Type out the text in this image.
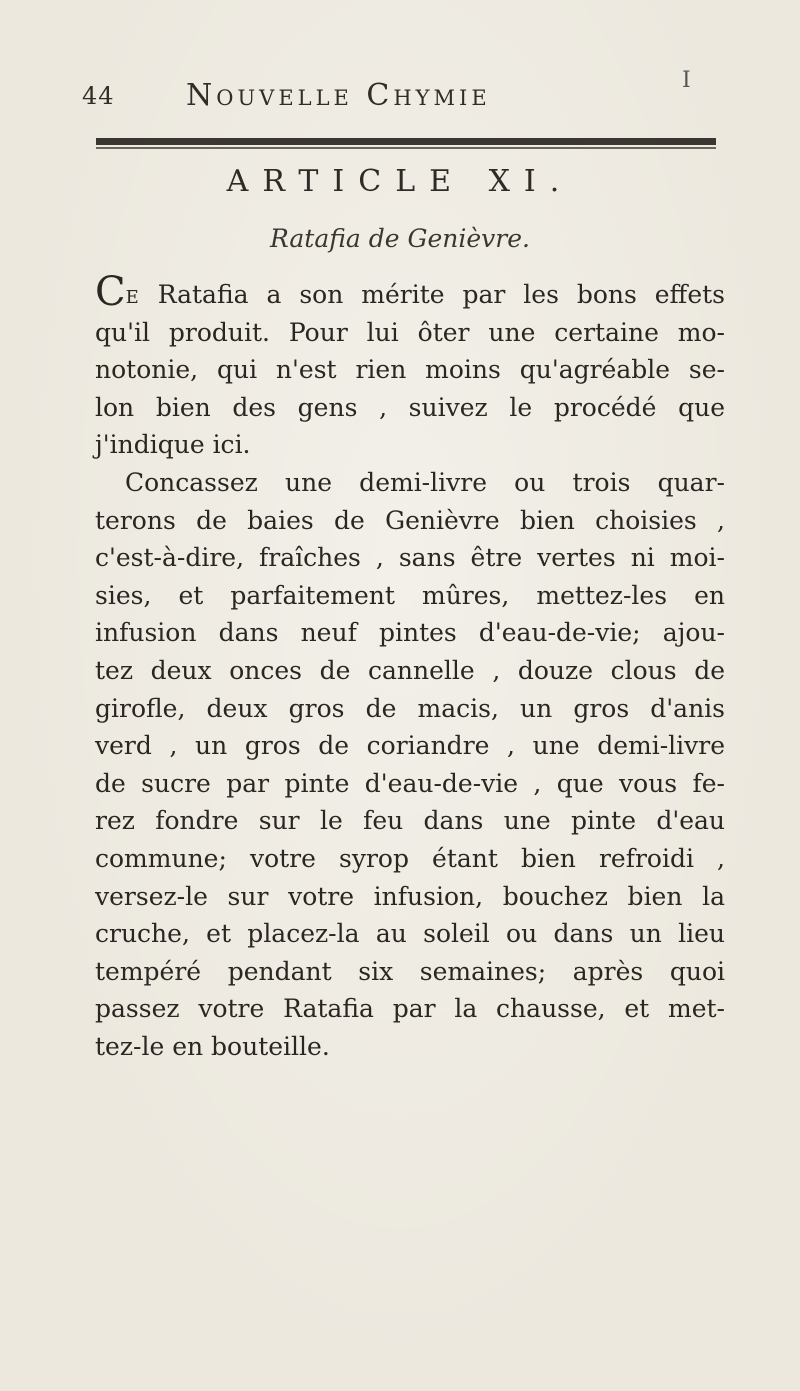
44 Nouvelle Chymie	I
ARTICLE XI.
Ratafia de Genièvre.
CE Ratafia a son mérite par les bons effets
qu'il produit. Pour lui ôter une certaine mo-
notonie, qui n'est rien moins qu'agréable se-
lon bien des gens , suivez le procédé que
j'indique ici.
Concassez une demi-livre ou trois quar-
terons de baies de Genièvre bien choisies ,
c'est-à-dire, fraîches , sans être vertes ni moi-
sies, et parfaitement mûres, mettez-les en
infusion dans neuf pintes d'eau-de-vie; ajou-
tez deux onces de cannelle , douze clous de
girofle, deux gros de macis, un gros d'anis
verd , un gros de coriandre , une demi-livre
de sucre par pinte d'eau-de-vie , que vous fe-
rez fondre sur le feu dans une pinte d'eau
commune; votre syrop étant bien refroidi ,
versez-le sur votre infusion, bouchez bien la
cruche, et placez-la au soleil ou dans un lieu
tempéré pendant six semaines; après quoi
passez votre Ratafia par la chausse, et met-
tez-le en bouteille.
